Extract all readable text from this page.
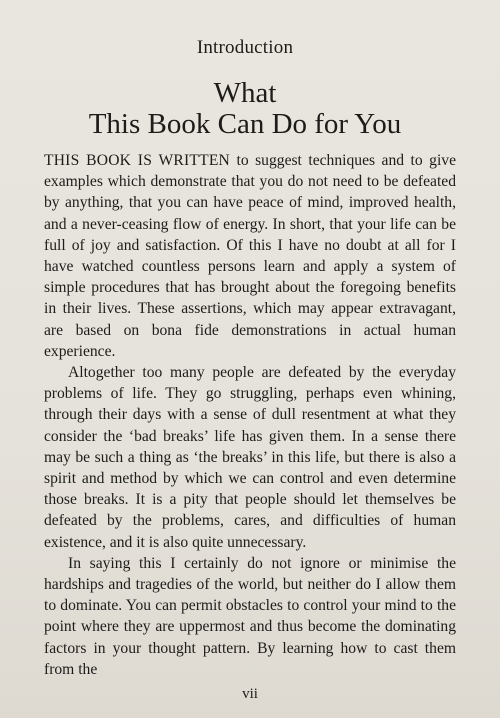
Introduction
What
This Book Can Do for You

THIS BOOK IS WRITTEN to suggest techniques and to give examples which demonstrate that you do not need to be defeated by anything, that you can have peace of mind, improved health, and a never-ceasing flow of energy. In short, that your life can be full of joy and satisfaction. Of this I have no doubt at all for I have watched countless persons learn and apply a system of simple procedures that has brought about the foregoing benefits in their lives. These assertions, which may appear extravagant, are based on bona fide demonstrations in actual human experience.

Altogether too many people are defeated by the everyday problems of life. They go struggling, perhaps even whining, through their days with a sense of dull resentment at what they consider the ‘bad breaks’ life has given them. In a sense there may be such a thing as ‘the breaks’ in this life, but there is also a spirit and method by which we can control and even determine those breaks. It is a pity that people should let themselves be defeated by the problems, cares, and difficulties of human existence, and it is also quite unnecessary.

In saying this I certainly do not ignore or minimise the hardships and tragedies of the world, but neither do I allow them to dominate. You can permit obstacles to control your mind to the point where they are uppermost and thus become the dominating factors in your thought pattern. By learning how to cast them from the

vii
